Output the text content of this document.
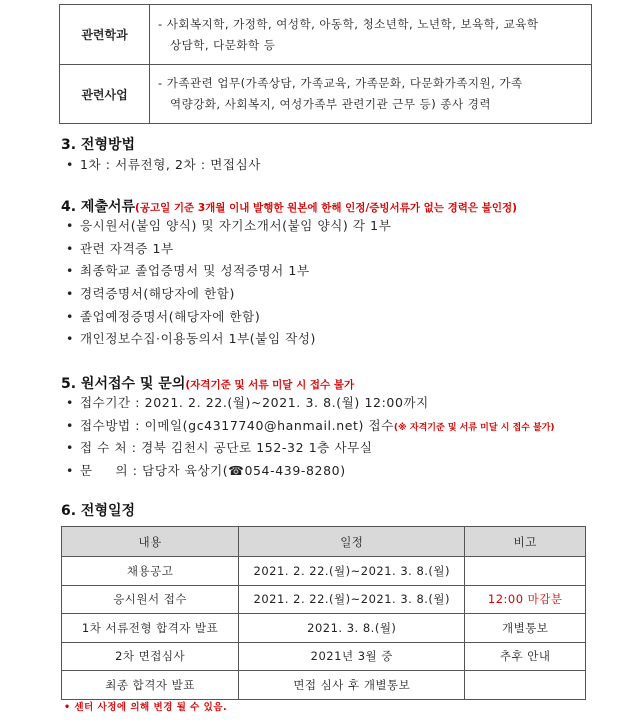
관련학과	- 사회복지학, 가정학, 여성학, 아동학, 청소년학, 노년학, 보육학, 교육학
상담학, 다문화학 등

관련사업	- 가족관련 업무(가족상담, 가족교육, 가족문화, 다문화가족지원, 가족
역량강화, 사회복지, 여성가족부 관련기관 근무 등) 종사 경력
3. 전형방법
• 1차 : 서류전형, 2차 : 면접심사
4. 제출서류(공고일 기준 3개월 이내 발행한 원본에 한해 인정/증빙서류가 없는 경력은 불인정)
• 응시원서(붙임 양식) 및 자기소개서(붙임 양식) 각 1부
• 관련 자격증 1부
• 최종학교 졸업증명서 및 성적증명서 1부
• 경력증명서(해당자에 한함)
• 졸업예정증명서(해당자에 한함)
• 개인정보수집·이용동의서 1부(붙임 작성)
5. 원서접수 및 문의(자격기준 및 서류 미달 시 접수 불가
• 접수기간 : 2021. 2. 22.(월)~2021. 3. 8.(월) 12:00까지
• 접수방법 : 이메일(gc4317740@hanmail.net) 접수(※ 자격기준 및 서류 미달 시 접수 불가)
• 접 수 처 : 경북 김천시 공단로 152-32 1층 사무실
• 문     의 : 담당자 육상기(☎054-439-8280)
6. 전형일정
내용	일정	비고
채용공고	2021. 2. 22.(월)~2021. 3. 8.(월)	
응시원서 접수	2021. 2. 22.(월)~2021. 3. 8.(월)	12:00 마감분
1차 서류전형 합격자 발표	2021. 3. 8.(월)	개별통보
2차 면접심사	2021년 3월 중	추후 안내
최종 합격자 발표	면접 심사 후 개별통보	
• 센터 사정에 의해 변경 될 수 있음.
